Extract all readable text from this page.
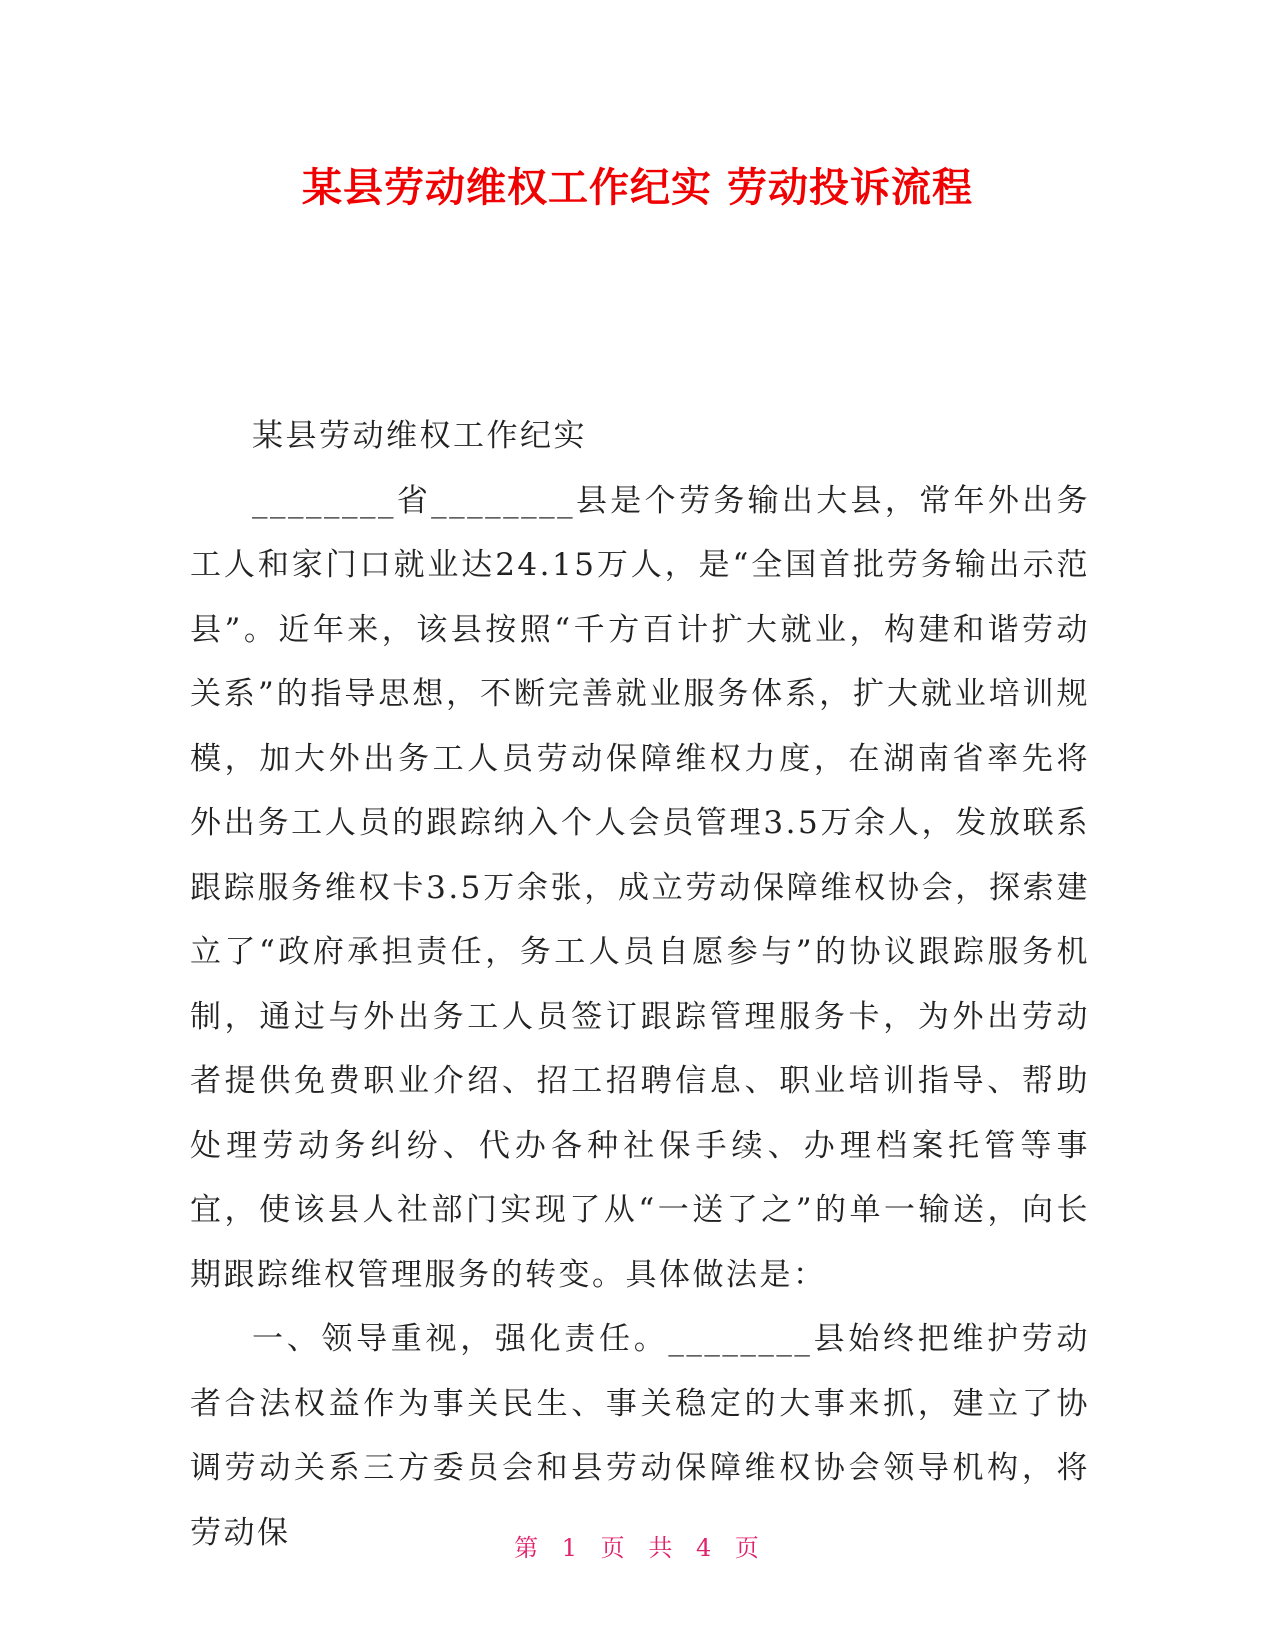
某县劳动维权工作纪实 劳动投诉流程

某县劳动维权工作纪实

________省________县是个劳务输出大县，常年外出务工人和家门口就业达24.15万人，是“全国首批劳务输出示范县”。近年来，该县按照“千方百计扩大就业，构建和谐劳动关系”的指导思想，不断完善就业服务体系，扩大就业培训规模，加大外出务工人员劳动保障维权力度，在湖南省率先将外出务工人员的跟踪纳入个人会员管理3.5万余人，发放联系跟踪服务维权卡3.5万余张，成立劳动保障维权协会，探索建立了“政府承担责任，务工人员自愿参与”的协议跟踪服务机制，通过与外出务工人员签订跟踪管理服务卡，为外出劳动者提供免费职业介绍、招工招聘信息、职业培训指导、帮助处理劳动务纠纷、代办各种社保手续、办理档案托管等事宜，使该县人社部门实现了从“一送了之”的单一输送，向长期跟踪维权管理服务的转变。具体做法是：

一、领导重视，强化责任。________县始终把维护劳动者合法权益作为事关民生、事关稳定的大事来抓，建立了协调劳动关系三方委员会和县劳动保障维权协会领导机构，将劳动保	第 1 页 共 4 页
